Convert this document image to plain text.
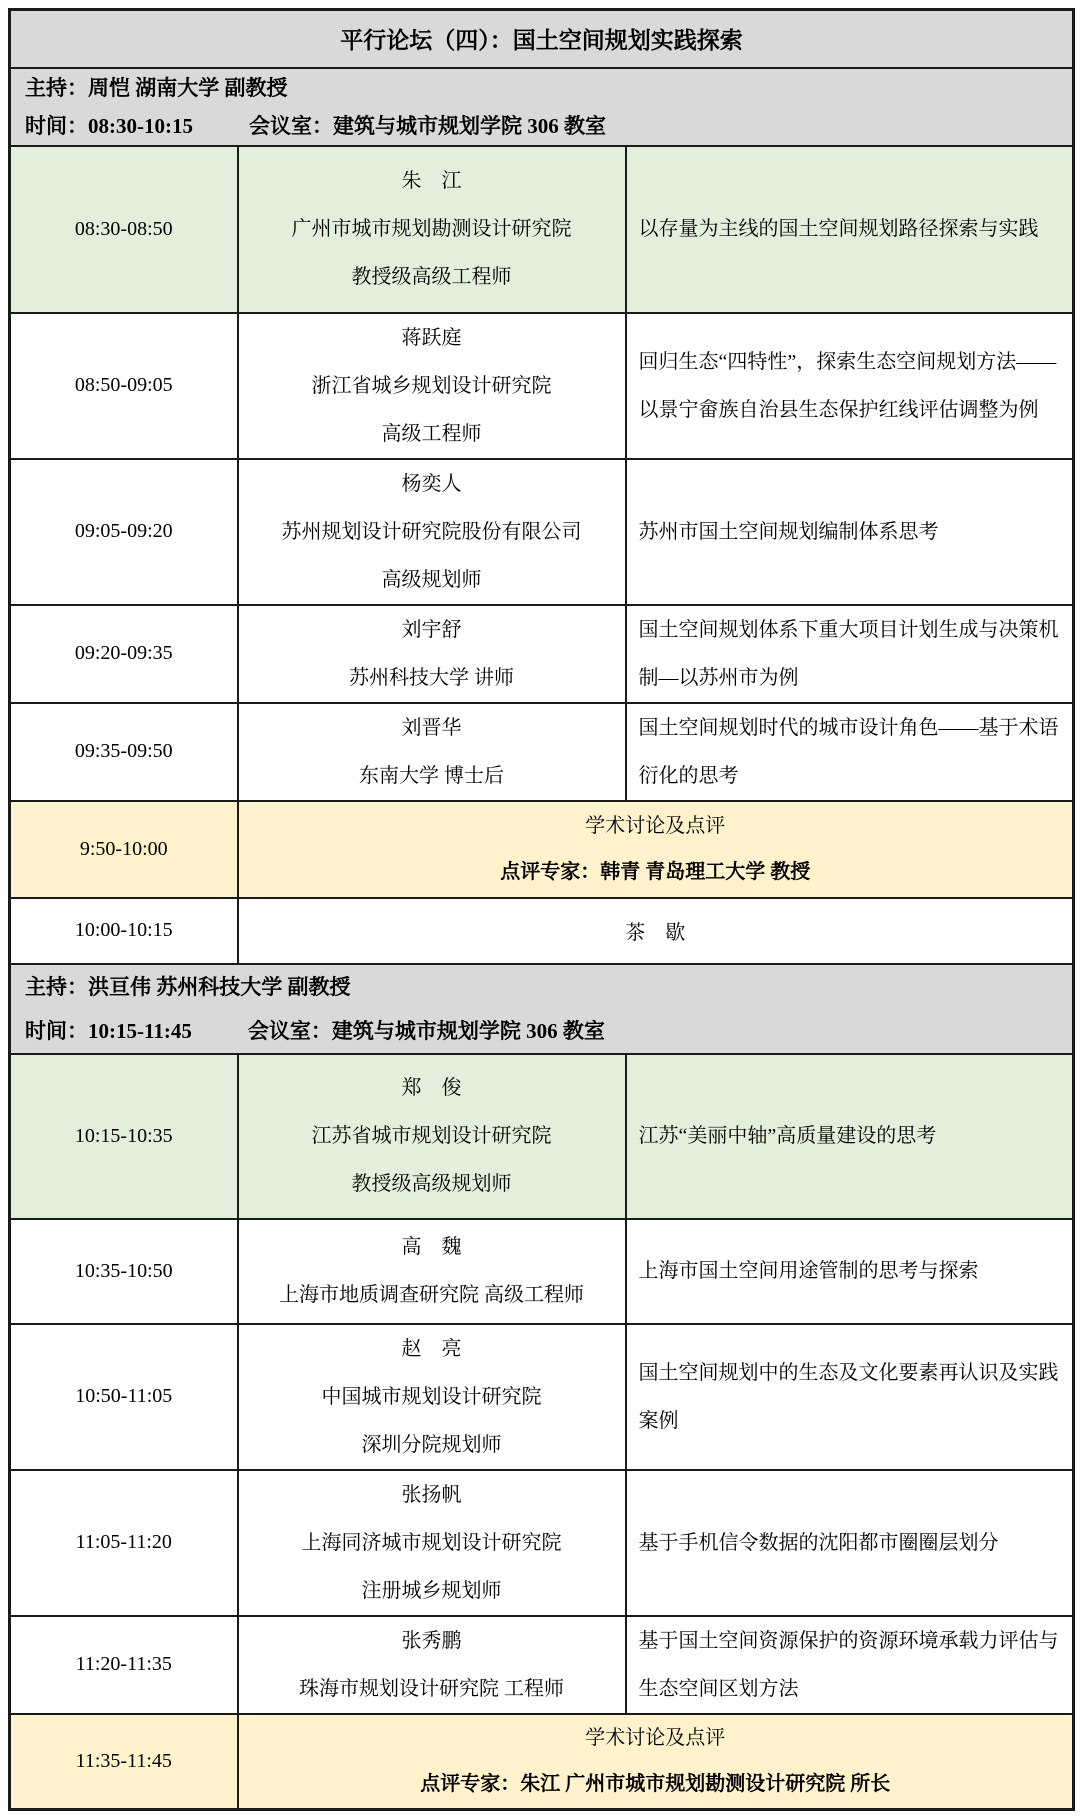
平行论坛（四）：国土空间规划实践探索		

主持：周恺 湖南大学 副教授
时间：08:30-10:15 会议室：建筑与城市规划学院 306 教室		

08:30-08:50	朱　江
广州市城市规划勘测设计研究院
教授级高级工程师	以存量为主线的国土空间规划路径探索与实践
08:50-09:05	蒋跃庭
浙江省城乡规划设计研究院
高级工程师	回归生态“四特性”，探索生态空间规划方法——以景宁畲族自治县生态保护红线评估调整为例
09:05-09:20	杨奕人
苏州规划设计研究院股份有限公司
高级规划师	苏州市国土空间规划编制体系思考
09:20-09:35	刘宇舒
苏州科技大学 讲师	国土空间规划体系下重大项目计划生成与决策机制—以苏州市为例
09:35-09:50	刘晋华
东南大学 博士后	国土空间规划时代的城市设计角色——基于术语衍化的思考
9:50-10:00	学术讨论及点评
点评专家：韩青 青岛理工大学 教授	

10:00-10:15	茶　歇	

主持：洪亘伟 苏州科技大学 副教授
时间：10:15-11:45 会议室：建筑与城市规划学院 306 教室		

10:15-10:35	郑　俊
江苏省城市规划设计研究院
教授级高级规划师	江苏“美丽中轴”高质量建设的思考
10:35-10:50	高　魏
上海市地质调查研究院 高级工程师	上海市国土空间用途管制的思考与探索
10:50-11:05	赵　亮
中国城市规划设计研究院
深圳分院规划师	国土空间规划中的生态及文化要素再认识及实践案例
11:05-11:20	张扬帆
上海同济城市规划设计研究院
注册城乡规划师	基于手机信令数据的沈阳都市圈圈层划分
11:20-11:35	张秀鹏
珠海市规划设计研究院 工程师	基于国土空间资源保护的资源环境承载力评估与生态空间区划方法
11:35-11:45	学术讨论及点评
点评专家：朱江 广州市城市规划勘测设计研究院 所长	
